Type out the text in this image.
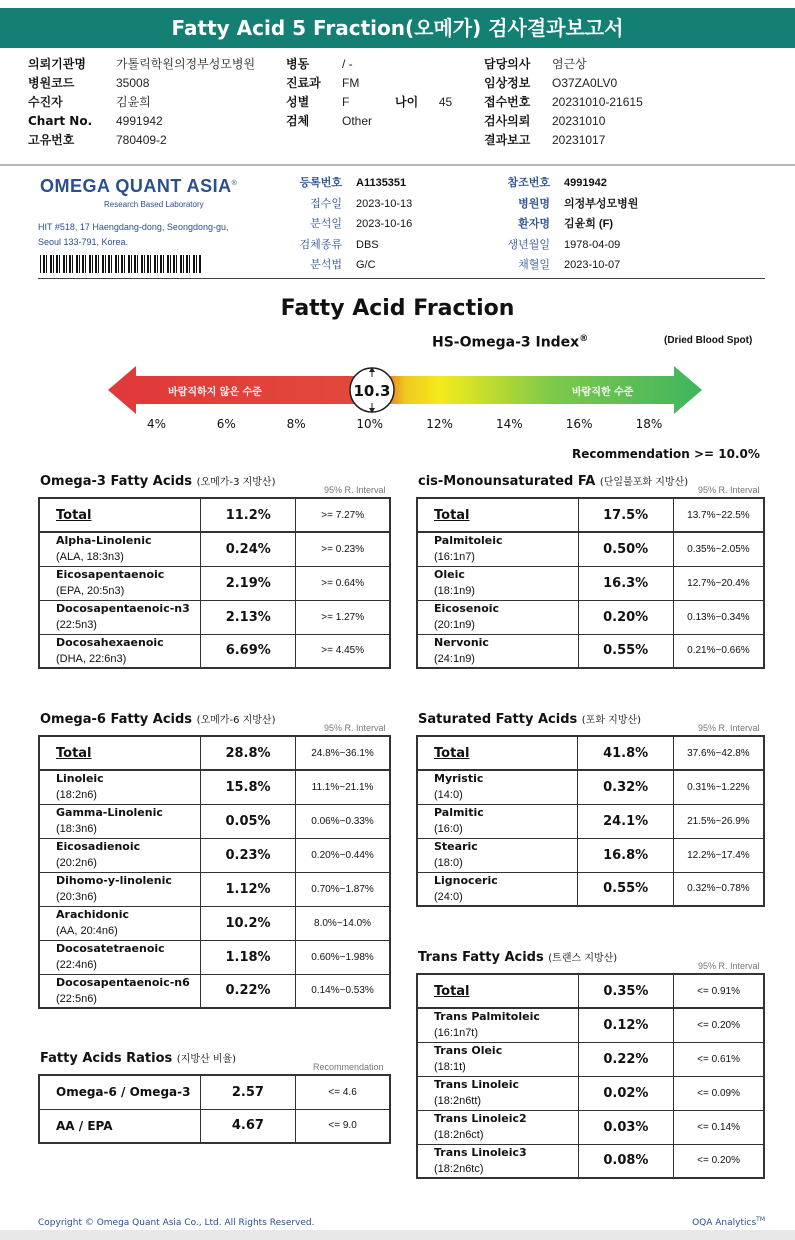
Fatty Acid 5 Fraction(오메가) 검사결과보고서
의뢰기관명	가톨릭학원의정부성모병원
병원코드	35008
수진자	김윤희
Chart No. 4991942
고유번호	780409-2
병동	/ -
진료과 FM
성별	F
검체	Other
나이 45
담당의사 염근상
임상정보 O37ZA0LV0
접수번호 20231010-21615
검사의뢰 20231010
결과보고 20231017
OMEGA QUANT ASIA®
Research Based Laboratory
HIT #518, 17 Haengdang-dong, Seongdong-gu,
Seoul 133-791, Korea.
등록번호 A1135351
접수일 2023-10-13
분석일 2023-10-16
검체종류 DBS
분석법 G/C
참조번호 4991942
병원명 의정부성모병원
환자명 김윤희 (F)
생년월일 1978-04-09
채혈일 2023-10-07
Fatty Acid Fraction
HS-Omega-3 Index®	(Dried Blood Spot)
10.3
바람직하지 않은 수준	바람직한 수준
4%	6%	8%	10%	12%	14%	16%	18%
Recommendation >= 10.0%
Omega-3 Fatty Acids (오메가-3 지방산)
95% R. Interval
Total	11.2%	>= 7.27%

Alpha-Linolenic
(ALA, 18:3n3)	0.24%	>= 0.23%

Eicosapentaenoic
(EPA, 20:5n3)	2.19%	>= 0.64%

Docosapentaenoic-n3
(22:5n3)	2.13%	>= 1.27%

Docosahexaenoic
(DHA, 22:6n3)	6.69%	>= 4.45%
cis-Monounsaturated FA (단일불포화 지방산)
95% R. Interval
Total	17.5%	13.7%~22.5%

Palmitoleic
(16:1n7)	0.50%	0.35%~2.05%

Oleic
(18:1n9)	16.3%	12.7%~20.4%

Eicosenoic
(20:1n9)	0.20%	0.13%~0.34%

Nervonic
(24:1n9)	0.55%	0.21%~0.66%
Omega-6 Fatty Acids (오메가-6 지방산)
95% R. Interval
Total	28.8%	24.8%~36.1%

Linoleic
(18:2n6)	15.8%	11.1%~21.1%

Gamma-Linolenic
(18:3n6)	0.05%	0.06%~0.33%

Eicosadienoic
(20:2n6)	0.23%	0.20%~0.44%

Dihomo-y-linolenic
(20:3n6)	1.12%	0.70%~1.87%

Arachidonic
(AA, 20:4n6)	10.2%	8.0%~14.0%

Docosatetraenoic
(22:4n6)	1.18%	0.60%~1.98%

Docosapentaenoic-n6
(22:5n6)	0.22%	0.14%~0.53%
Saturated Fatty Acids (포화 지방산)
95% R. Interval
Total	41.8%	37.6%~42.8%

Myristic
(14:0)	0.32%	0.31%~1.22%

Palmitic
(16:0)	24.1%	21.5%~26.9%

Stearic
(18:0)	16.8%	12.2%~17.4%

Lignoceric
(24:0)	0.55%	0.32%~0.78%
Trans Fatty Acids (트랜스 지방산)
95% R. Interval
Total	0.35%	<= 0.91%

Trans Palmitoleic
(16:1n7t)	0.12%	<= 0.20%

Trans Oleic
(18:1t)	0.22%	<= 0.61%

Trans Linoleic
(18:2n6tt)	0.02%	<= 0.09%

Trans Linoleic2
(18:2n6ct)	0.03%	<= 0.14%

Trans Linoleic3
(18:2n6tc)	0.08%	<= 0.20%
Fatty Acids Ratios (지방산 비율)
Recommendation
Omega-6 / Omega-3	2.57	<= 4.6

AA / EPA	4.67	<= 9.0
Copyright © Omega Quant Asia Co., Ltd. All Rights Reserved.	OQA Analytics™
